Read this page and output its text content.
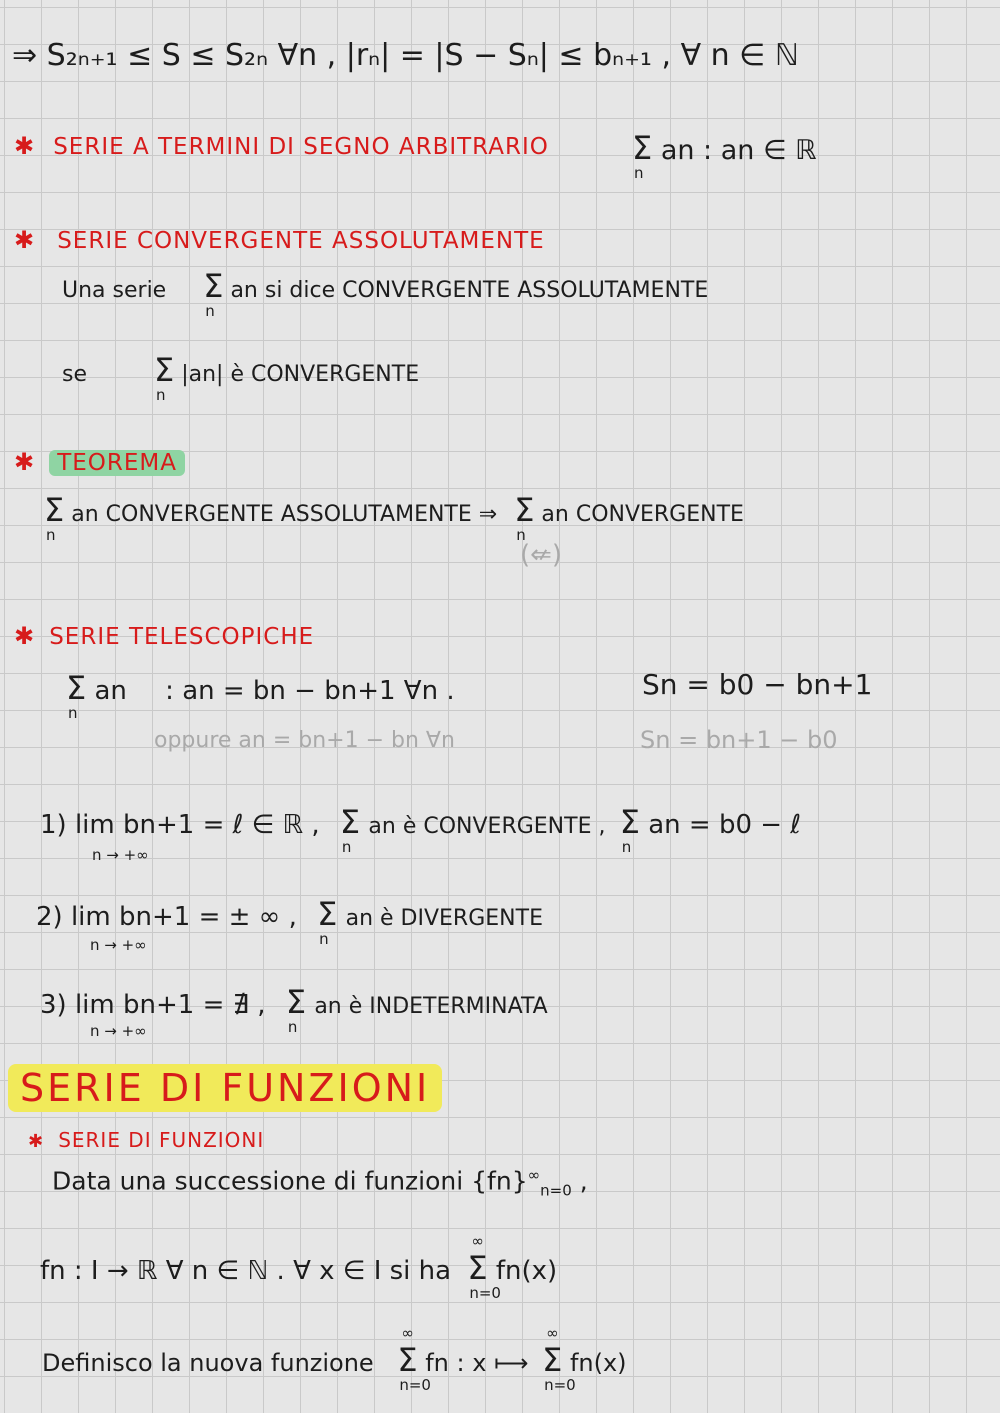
⇒ S₂ₙ₊₁ ≤ S ≤ S₂ₙ ∀n , |rₙ| = |S − Sₙ| ≤ bₙ₊₁ , ∀ n ∈ ℕ
✱ SERIE A TERMINI DI SEGNO ARBITRARIO	Σ
n
an : an ∈ ℝ
✱ SERIE CONVERGENTE ASSOLUTAMENTE
Una serie Σ
n
an si dice CONVERGENTE ASSOLUTAMENTE
se Σ
n
|an| è CONVERGENTE
✱ TEOREMA
Σ
n
an CONVERGENTE ASSOLUTAMENTE ⇒ Σ
n
an CONVERGENTE
(⇍)
✱ SERIE TELESCOPICHE
Σ
n
an : an = bn − bn+1 ∀n .	Sn = b0 − bn+1
oppure an = bn+1 − bn ∀n	Sn = bn+1 − b0
1) lim bn+1 = ℓ ∈ ℝ , Σ
n
an è CONVERGENTE , Σ
n
an = b0 − ℓ
n → +∞
2) lim bn+1 = ± ∞ , Σ
n
an è DIVERGENTE
n → +∞
3) lim bn+1 = ∄ , Σ
n
an è INDETERMINATA
n → +∞
SERIE DI FUNZIONI
✱ SERIE DI FUNZIONI
Data una successione di funzioni $\{fn\}^\infty_{n=0}$ ,
fn : I → ℝ ∀ n ∈ ℕ . ∀ x ∈ I si ha Σ
∞
n=0
fn(x)
Definisco la nuova funzione Σ
∞
n=0
fn : x ⟼ Σ
∞
n=0
fn(x)
